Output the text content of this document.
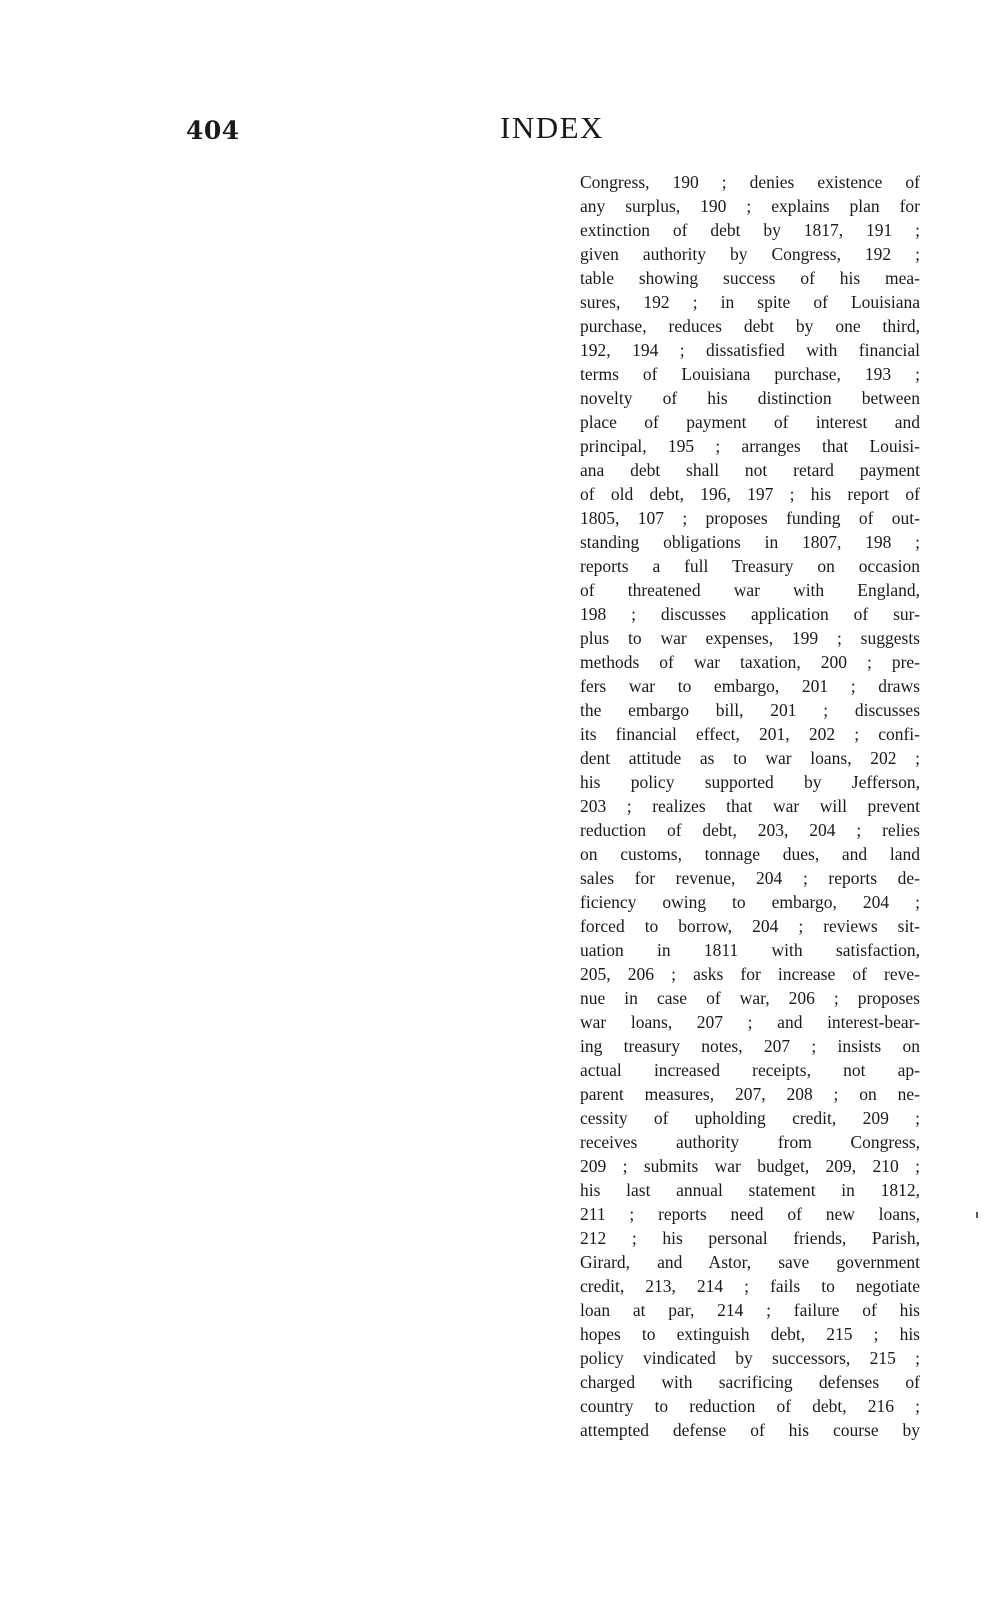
404	INDEX
Congress, 190 ; denies existence of
any surplus, 190 ; explains plan for
extinction of debt by 1817, 191 ;
given authority by Congress, 192 ;
table showing success of his mea-
sures, 192 ; in spite of Louisiana
purchase, reduces debt by one third,
192, 194 ; dissatisfied with financial
terms of Louisiana purchase, 193 ;
novelty of his distinction between
place of payment of interest and
principal, 195 ; arranges that Louisi-
ana debt shall not retard payment
of old debt, 196, 197 ; his report of
1805, 107 ; proposes funding of out-
standing obligations in 1807, 198 ;
reports a full Treasury on occasion
of threatened war with England,
198 ; discusses application of sur-
plus to war expenses, 199 ; suggests
methods of war taxation, 200 ; pre-
fers war to embargo, 201 ; draws
the embargo bill, 201 ; discusses
its financial effect, 201, 202 ; confi-
dent attitude as to war loans, 202 ;
his policy supported by Jefferson,
203 ; realizes that war will prevent
reduction of debt, 203, 204 ; relies
on customs, tonnage dues, and land
sales for revenue, 204 ; reports de-
ficiency owing to embargo, 204 ;
forced to borrow, 204 ; reviews sit-
uation in 1811 with satisfaction,
205, 206 ; asks for increase of reve-
nue in case of war, 206 ; proposes
war loans, 207 ; and interest-bear-
ing treasury notes, 207 ; insists on
actual increased receipts, not ap-
parent measures, 207, 208 ; on ne-
cessity of upholding credit, 209 ;
receives authority from Congress,
209 ; submits war budget, 209, 210 ;
his last annual statement in 1812,
211 ; reports need of new loans,
212 ; his personal friends, Parish,
Girard, and Astor, save government
credit, 213, 214 ; fails to negotiate
loan at par, 214 ; failure of his
hopes to extinguish debt, 215 ; his
policy vindicated by successors, 215 ;
charged with sacrificing defenses of
country to reduction of debt, 216 ;
attempted defense of his course by
